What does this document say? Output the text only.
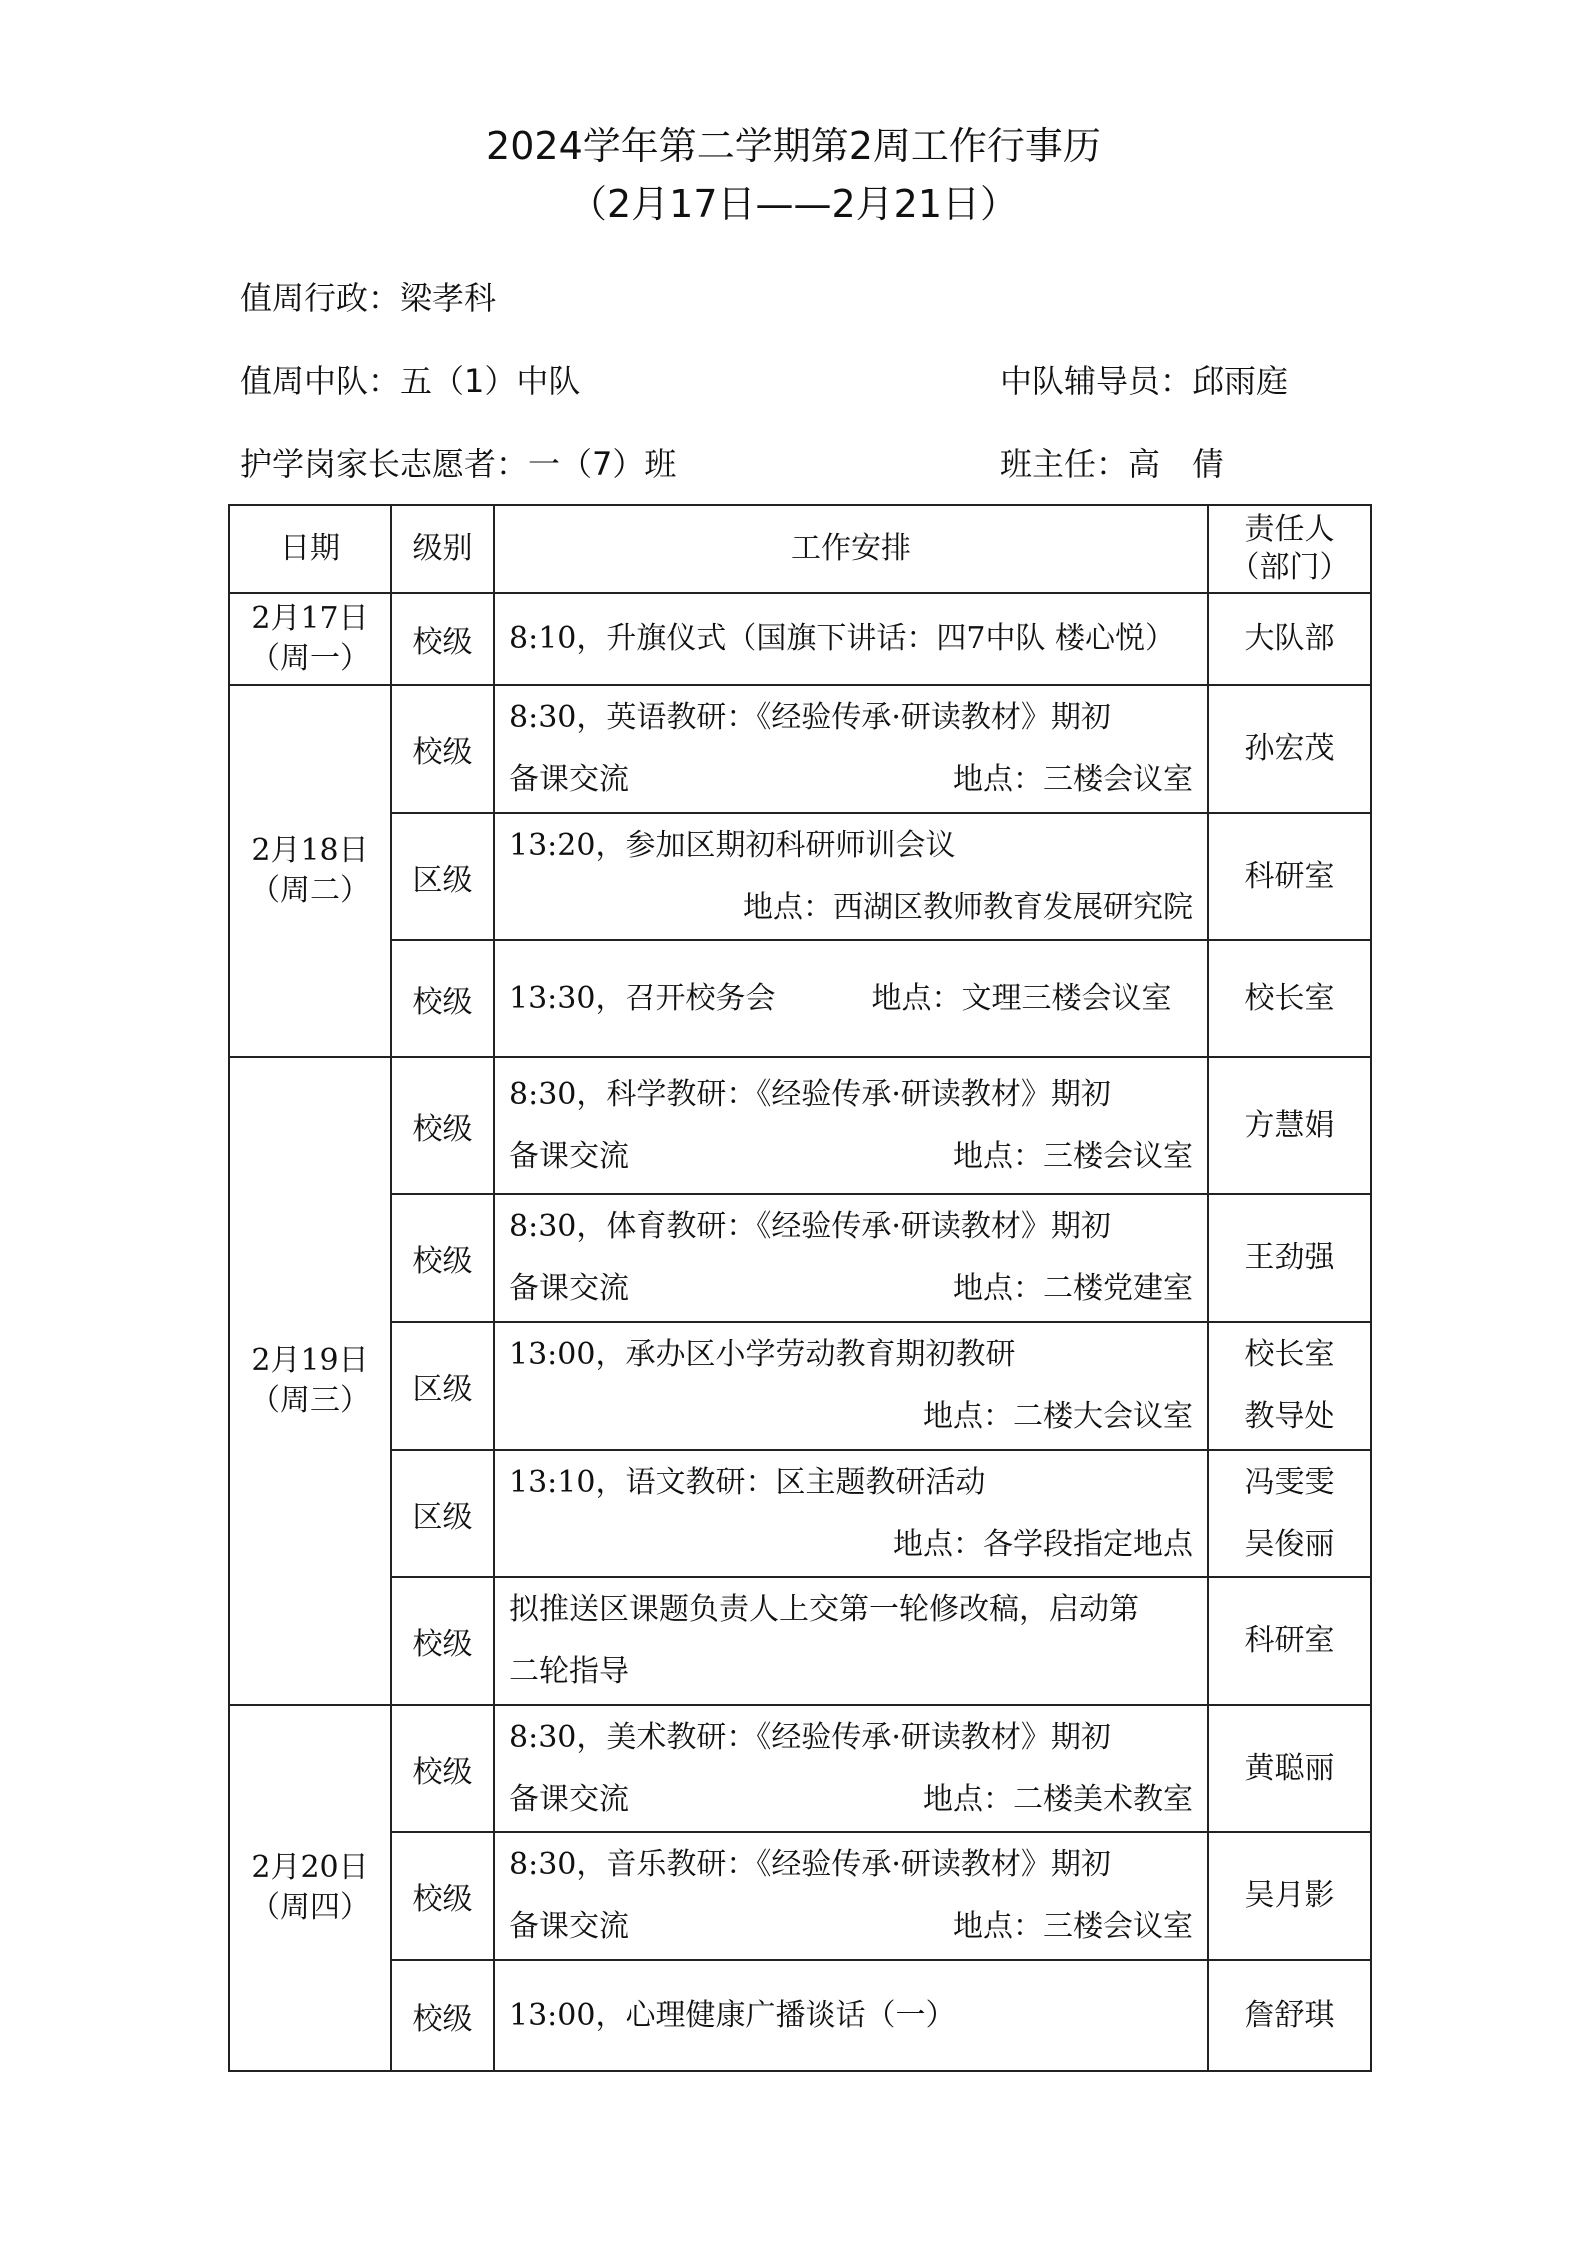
2024学年第二学期第2周工作行事历
（2月17日——2月21日）
值周行政：梁孝科
值周中队：五（1）中队	中队辅导员：邱雨庭
护学岗家长志愿者：一（7）班	班主任：高　倩
日期	级别	工作安排	责任人
（部门）

2月17日
（周一）	校级	8:10，升旗仪式（国旗下讲话：四7中队 楼心悦）	大队部

2月18日
（周二）	校级	8:30，英语教研：《经验传承·研读教材》期初
备课交流 地点：三楼会议室	孙宏茂
	区级	13:20，参加区期初科研师训会议
地点：西湖区教师教育发展研究院	科研室
	校级	13:30，召开校务会 地点：文理三楼会议室	校长室

2月19日
（周三）	校级	8:30，科学教研：《经验传承·研读教材》期初
备课交流 地点：三楼会议室	方慧娟
	校级	8:30，体育教研：《经验传承·研读教材》期初
备课交流 地点：二楼党建室	王劲强
	区级	13:00，承办区小学劳动教育期初教研
地点：二楼大会议室	校长室
教导处

	区级	13:10，语文教研：区主题教研活动
地点：各学段指定地点	冯雯雯
吴俊丽

	校级	拟推送区课题负责人上交第一轮修改稿，启动第
二轮指导	科研室

2月20日
（周四）	校级	8:30，美术教研：《经验传承·研读教材》期初
备课交流 地点：二楼美术教室	黄聪丽
	校级	8:30，音乐教研：《经验传承·研读教材》期初
备课交流 地点：三楼会议室	吴月影
	校级	13:00，心理健康广播谈话（一）	詹舒琪
